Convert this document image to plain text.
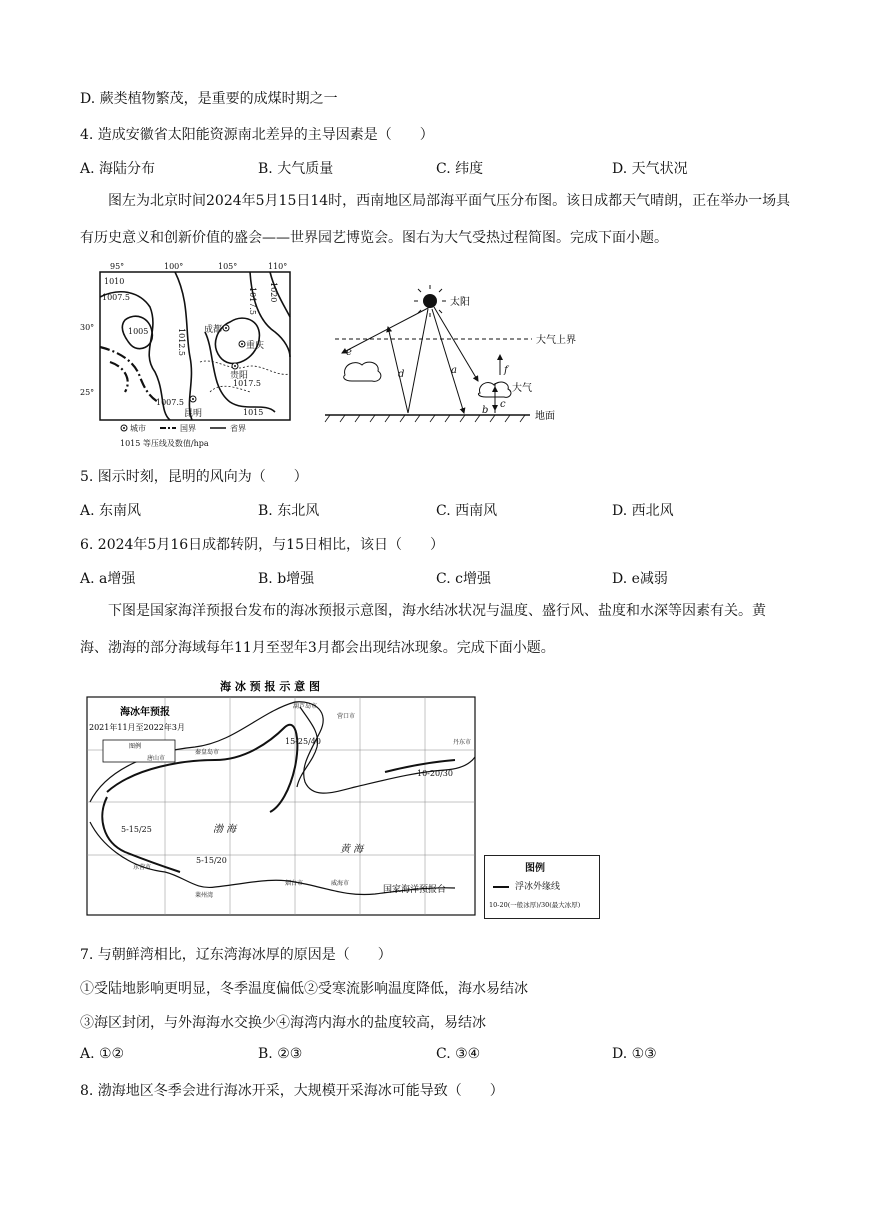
D. 蕨类植物繁茂，是重要的成煤时期之一
4. 造成安徽省太阳能资源南北差异的主导因素是（　　）
A. 海陆分布	B. 大气质量	C. 纬度	D. 天气状况
图左为北京时间2024年5月15日14时，西南地区局部海平面气压分布图。该日成都天气晴朗，正在举办一场具有历史意义和创新价值的盛会——世界园艺博览会。图右为大气受热过程简图。完成下面小题。
95°	100°	105°	110°
30°
25°
1010
1007.5
1005	1012.5
1017.5 1020
1007.5
1015
1017.5
成都
重庆
贵阳
昆明
城市	国界	省界
1015 等压线及数值/hpa
太阳
大气上界
e
d	a	f
b
c
大气
地面
5. 图示时刻，昆明的风向为（　　）
A. 东南风	B. 东北风	C. 西南风	D. 西北风
6. 2024年5月16日成都转阴，与15日相比，该日（　　）
A. a增强	B. b增强	C. c增强	D. e减弱
下图是国家海洋预报台发布的海冰预报示意图，海水结冰状况与温度、盛行风、盐度和水深等因素有关。黄海、渤海的部分海域每年11月至翌年3月都会出现结冰现象。完成下面小题。
海 冰 预 报 示 意 图
海冰年预报
2021年11月至2022年3月
图例
葫芦岛市
营口市
丹东市
秦皇岛市
唐山市
东营市
烟台市	威海市
莱州湾
15-25/40
10-20/30
5-15/25
5-15/20
渤 海
黄 海
国家海洋预报台
图例
浮冰外缘线
10-20(一般冰厚)/30(最大冰厚)
7. 与朝鲜湾相比，辽东湾海冰厚的原因是（　　）
①受陆地影响更明显，冬季温度偏低②受寒流影响温度降低，海水易结冰
③海区封闭，与外海海水交换少④海湾内海水的盐度较高，易结冰
A. ①②	B. ②③	C. ③④	D. ①③
8. 渤海地区冬季会进行海冰开采，大规模开采海冰可能导致（　　）
